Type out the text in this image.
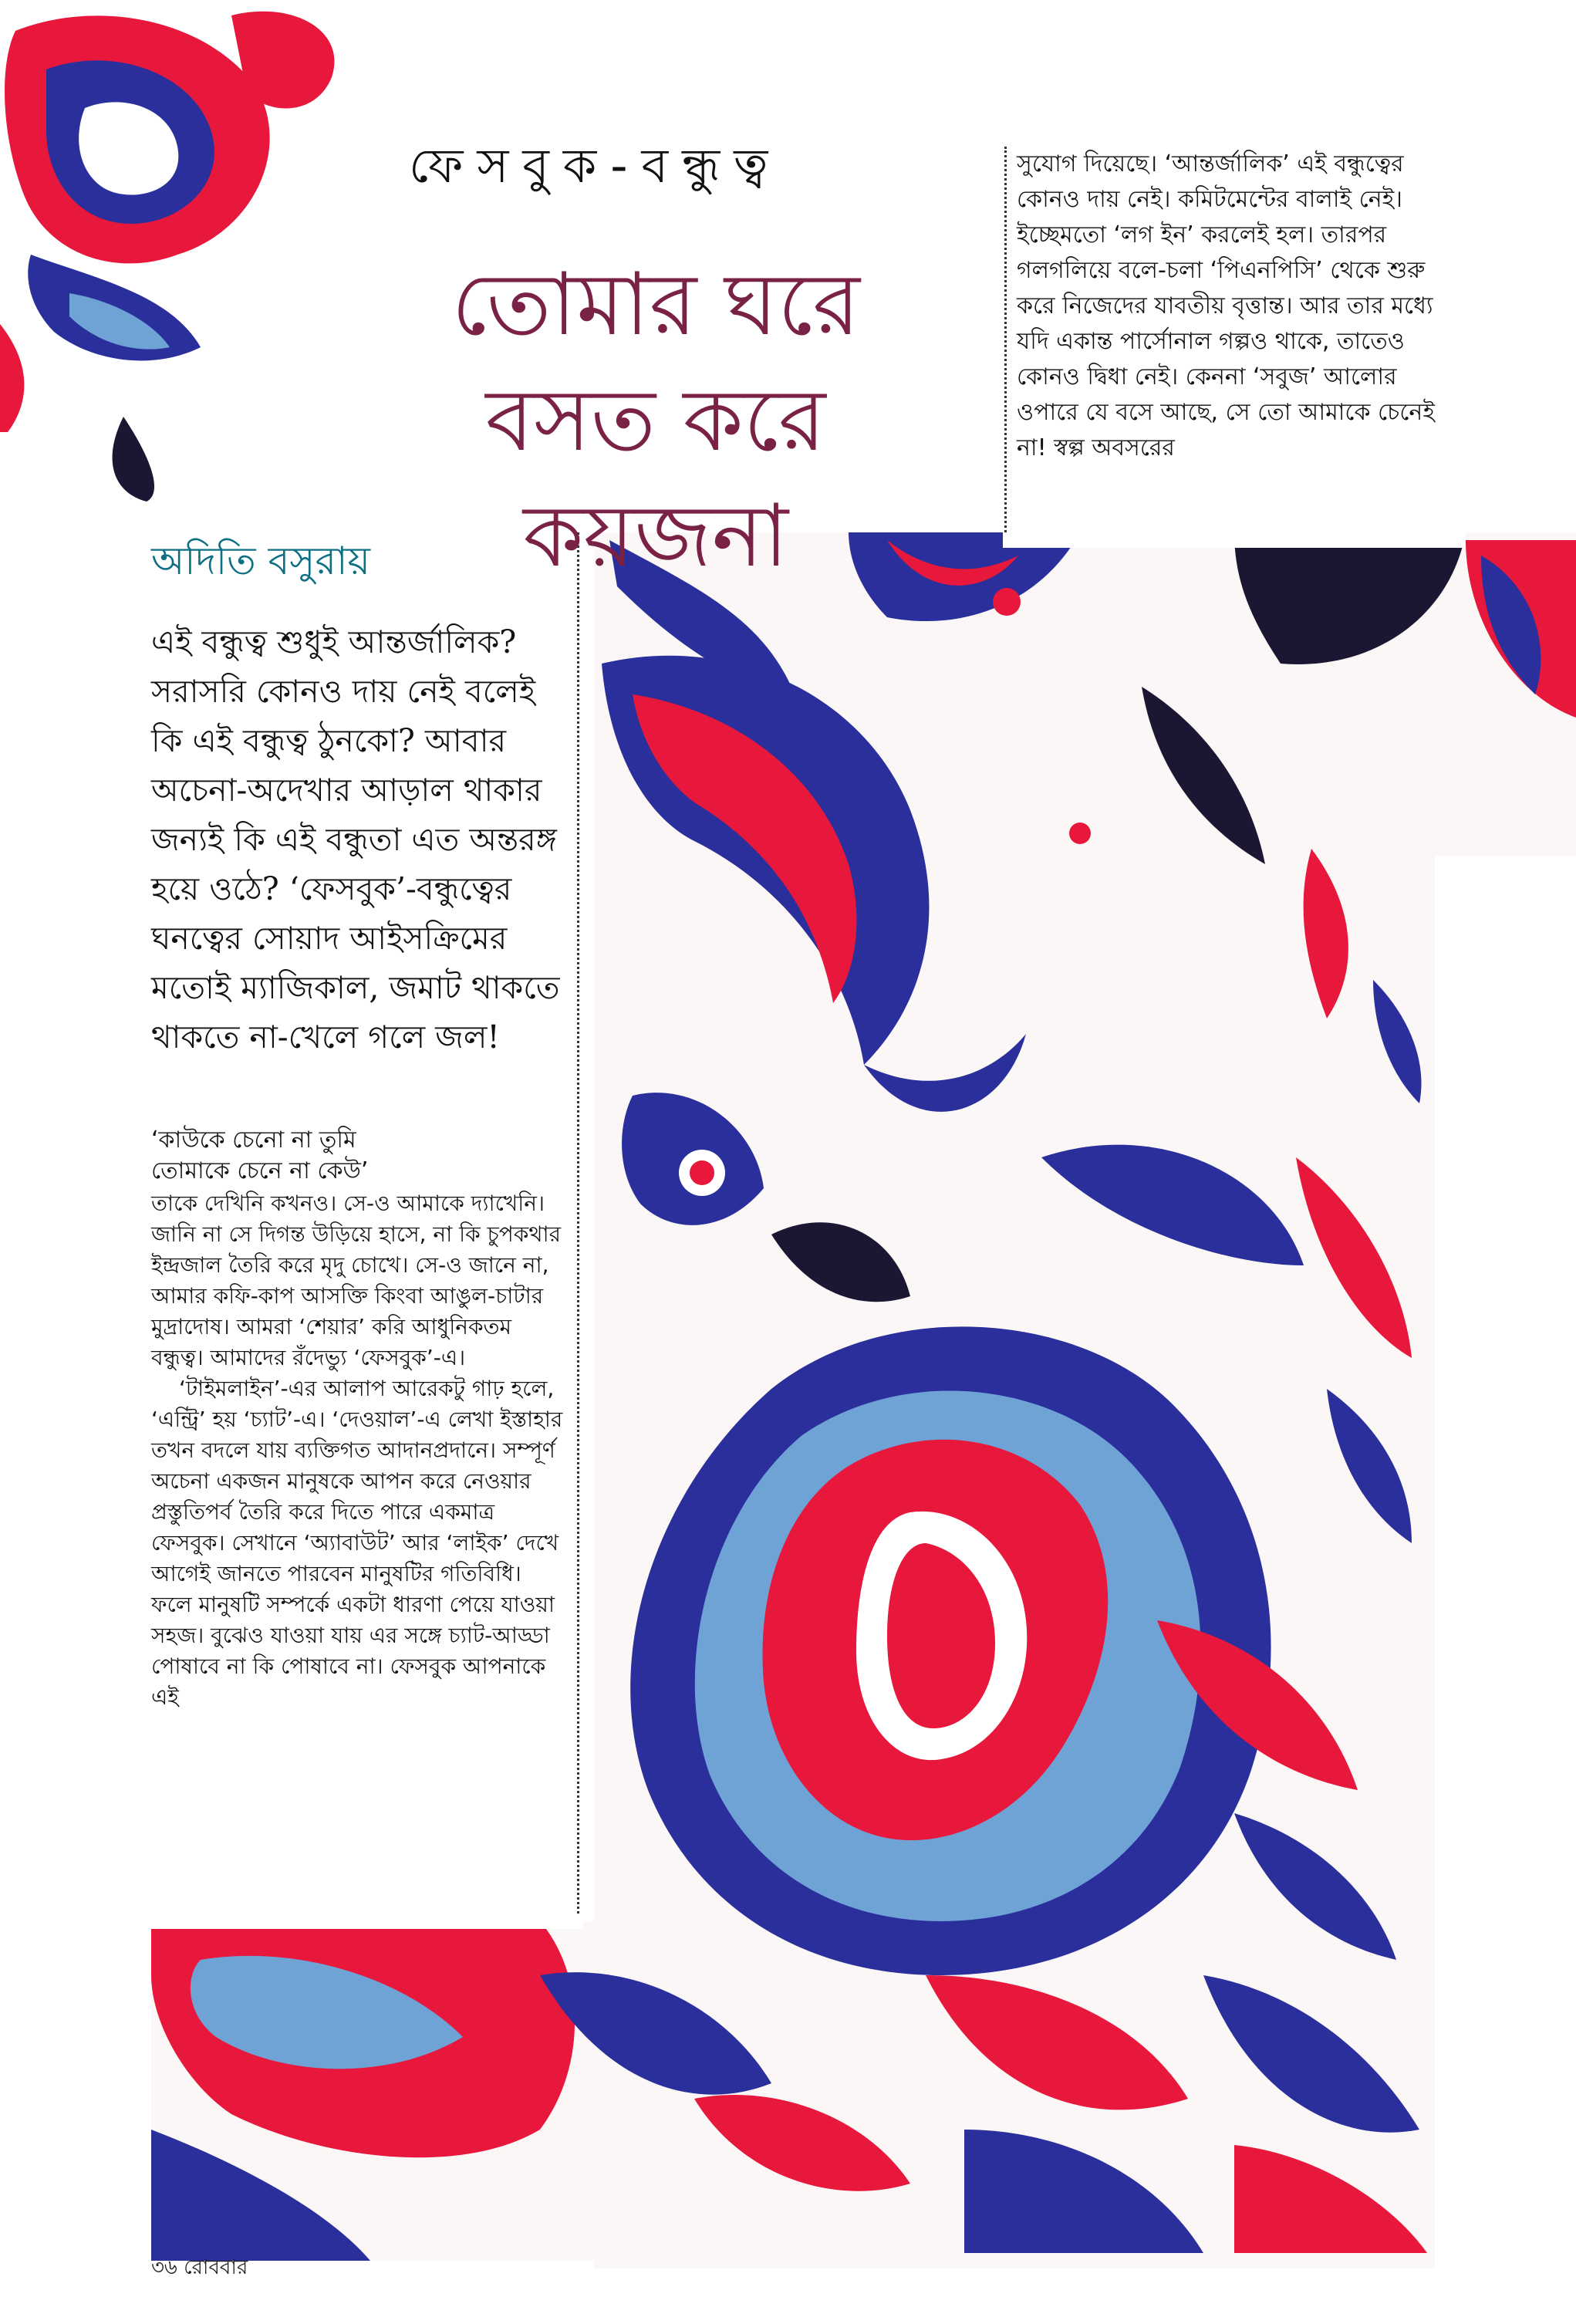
ফেসবুক-বন্ধুত্ব
তোমার ঘরে
বসত করে কয়জনা

সুযোগ দিয়েছে। ‘আন্তর্জালিক’ এই বন্ধুত্বের কোনও দায় নেই। কমিটমেন্টের বালাই নেই। ইচ্ছেমতো ‘লগ ইন’ করলেই হল। তারপর গলগলিয়ে বলে-চলা ‘পিএনপিসি’ থেকে শুরু করে নিজেদের যাবতীয় বৃত্তান্ত। আর তার মধ্যে যদি একান্ত পার্সোনাল গল্পও থাকে, তাতেও কোনও দ্বিধা নেই। কেননা ‘সবুজ’ আলোর ওপারে যে বসে আছে, সে তো আমাকে চেনেই না! স্বল্প অবসরের

অদিতি বসুরায়

এই বন্ধুত্ব শুধুই আন্তর্জালিক? সরাসরি কোনও দায় নেই বলেই কি এই বন্ধুত্ব ঠুনকো? আবার অচেনা-অদেখার আড়াল থাকার জন্যই কি এই বন্ধুতা এত অন্তরঙ্গ হয়ে ওঠে? ‘ফেসবুক’-বন্ধুত্বের ঘনত্বের সোয়াদ আইসক্রিমের মতোই ম্যাজিকাল, জমাট থাকতে থাকতে না-খেলে গলে জল!

‘কাউকে চেনো না তুমি
তোমাকে চেনে না কেউ’

তাকে দেখিনি কখনও। সে-ও আমাকে দ্যাখেনি। জানি না সে দিগন্ত উড়িয়ে হাসে, না কি চুপকথার ইন্দ্রজাল তৈরি করে মৃদু চোখে। সে-ও জানে না, আমার কফি-কাপ আসক্তি কিংবা আঙুল-চাটার মুদ্রাদোষ। আমরা ‘শেয়ার’ করি আধুনিকতম বন্ধুত্ব। আমাদের রঁদেভ্যু ‘ফেসবুক’-এ।

‘টাইমলাইন’-এর আলাপ আরেকটু গাঢ় হলে, ‘এন্ট্রি’ হয় ‘চ্যাট’-এ। ‘দেওয়াল’-এ লেখা ইস্তাহার তখন বদলে যায় ব্যক্তিগত আদানপ্রদানে। সম্পূর্ণ অচেনা একজন মানুষকে আপন করে নেওয়ার প্রস্তুতিপর্ব তৈরি করে দিতে পারে একমাত্র ফেসবুক। সেখানে ‘অ্যাবাউট’ আর ‘লাইক’ দেখে আগেই জানতে পারবেন মানুষটির গতিবিধি। ফলে মানুষটি সম্পর্কে একটা ধারণা পেয়ে যাওয়া সহজ। বুঝেও যাওয়া যায় এর সঙ্গে চ্যাট-আড্ডা পোষাবে না কি পোষাবে না। ফেসবুক আপনাকে এই

৩৬ রোববার
